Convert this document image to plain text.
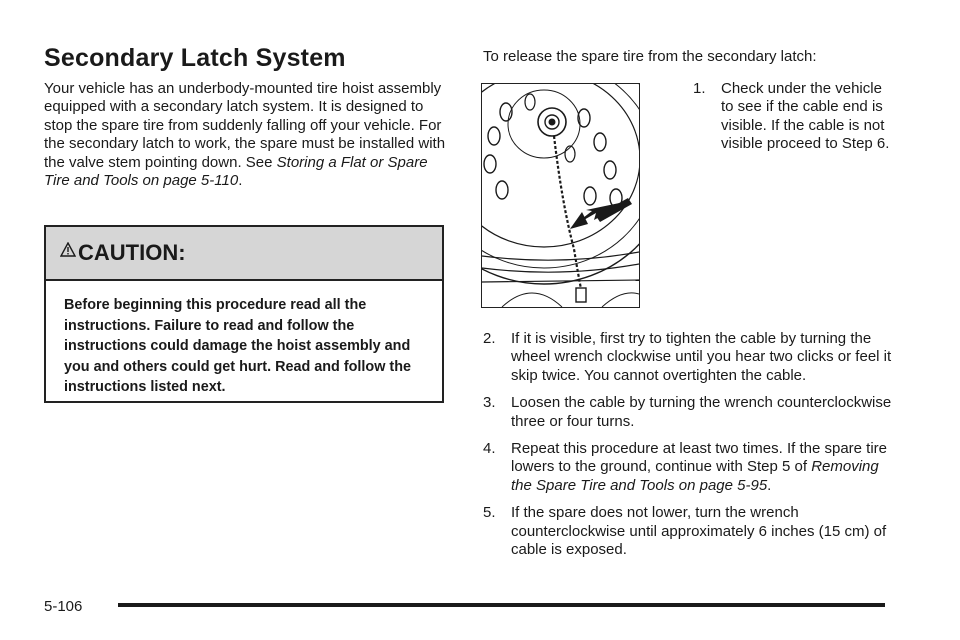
Secondary Latch System

Your vehicle has an underbody-mounted tire hoist assembly equipped with a secondary latch system. It is designed to stop the spare tire from suddenly falling off your vehicle. For the secondary latch to work, the spare must be installed with the valve stem pointing down. See Storing a Flat or Spare Tire and Tools on page 5-110.

CAUTION:
Before beginning this procedure read all the instructions. Failure to read and follow the instructions could damage the hoist assembly and you and others could get hurt. Read and follow the instructions listed next.

To release the spare tire from the secondary latch:

1.	Check under the vehicle to see if the cable end is visible. If the cable is not visible proceed to Step 6.
2.	If it is visible, first try to tighten the cable by turning the wheel wrench clockwise until you hear two clicks or feel it skip twice. You cannot overtighten the cable.
3.	Loosen the cable by turning the wrench counterclockwise three or four turns.
4.	Repeat this procedure at least two times. If the spare tire lowers to the ground, continue with Step 5 of Removing the Spare Tire and Tools on page 5-95.
5.	If the spare does not lower, turn the wrench counterclockwise until approximately 6 inches (15 cm) of cable is exposed.
5-106
